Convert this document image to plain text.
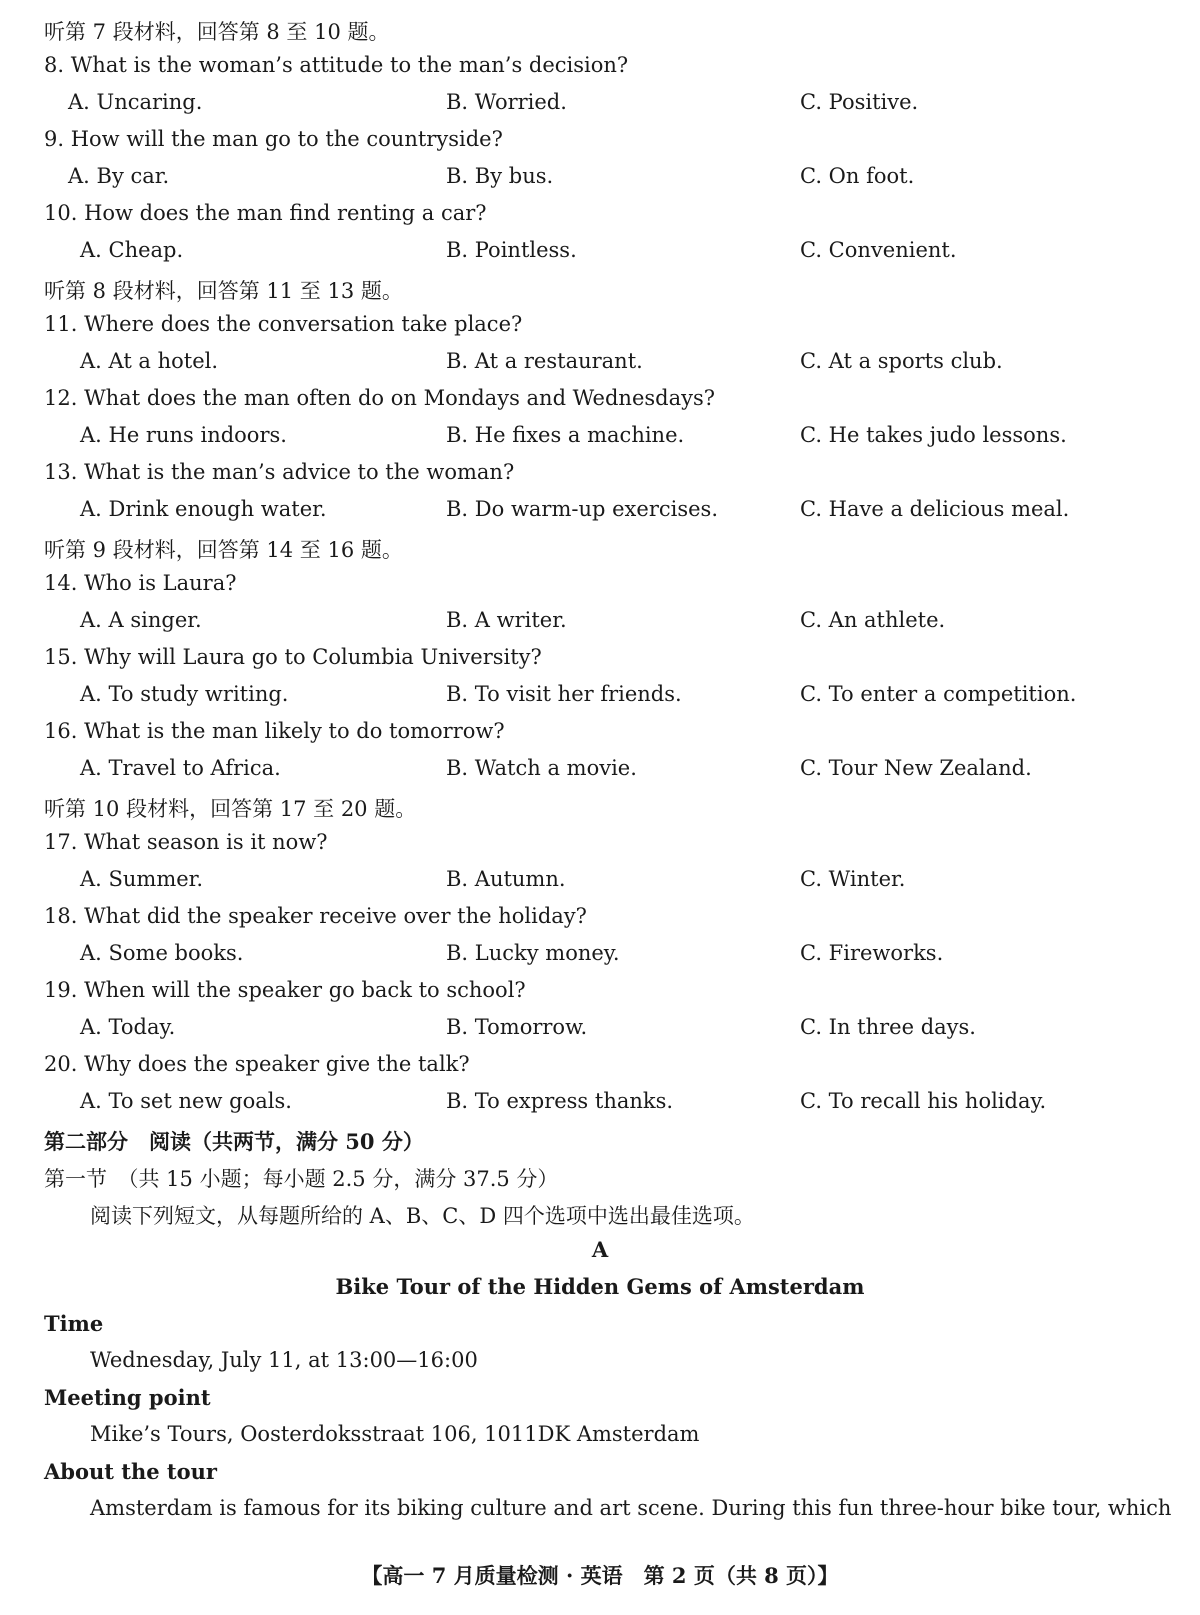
听第 7 段材料，回答第 8 至 10 题。
8. What is the woman’s attitude to the man’s decision?
A. Uncaring.	B. Worried.	C. Positive.
9. How will the man go to the countryside?
A. By car.	B. By bus.	C. On foot.
10. How does the man find renting a car?
A. Cheap.	B. Pointless.	C. Convenient.
听第 8 段材料，回答第 11 至 13 题。
11. Where does the conversation take place?
A. At a hotel.	B. At a restaurant.	C. At a sports club.
12. What does the man often do on Mondays and Wednesdays?
A. He runs indoors.	B. He fixes a machine.	C. He takes judo lessons.
13. What is the man’s advice to the woman?
A. Drink enough water.	B. Do warm-up exercises.	C. Have a delicious meal.
听第 9 段材料，回答第 14 至 16 题。
14. Who is Laura?
A. A singer.	B. A writer.	C. An athlete.
15. Why will Laura go to Columbia University?
A. To study writing.	B. To visit her friends.	C. To enter a competition.
16. What is the man likely to do tomorrow?
A. Travel to Africa.	B. Watch a movie.	C. Tour New Zealand.
听第 10 段材料，回答第 17 至 20 题。
17. What season is it now?
A. Summer.	B. Autumn.	C. Winter.
18. What did the speaker receive over the holiday?
A. Some books.	B. Lucky money.	C. Fireworks.
19. When will the speaker go back to school?
A. Today.	B. Tomorrow.	C. In three days.
20. Why does the speaker give the talk?
A. To set new goals.	B. To express thanks.	C. To recall his holiday.
第二部分　阅读（共两节，满分 50 分）
第一节　（共 15 小题；每小题 2.5 分，满分 37.5 分）
阅读下列短文，从每题所给的 A、B、C、D 四个选项中选出最佳选项。
A
Bike Tour of the Hidden Gems of Amsterdam
Time
Wednesday, July 11, at 13:00—16:00
Meeting point
Mike’s Tours, Oosterdoksstraat 106, 1011DK Amsterdam
About the tour
Amsterdam is famous for its biking culture and art scene. During this fun three-hour bike tour, which
【高一 7 月质量检测 · 英语　第 2 页（共 8 页）】
